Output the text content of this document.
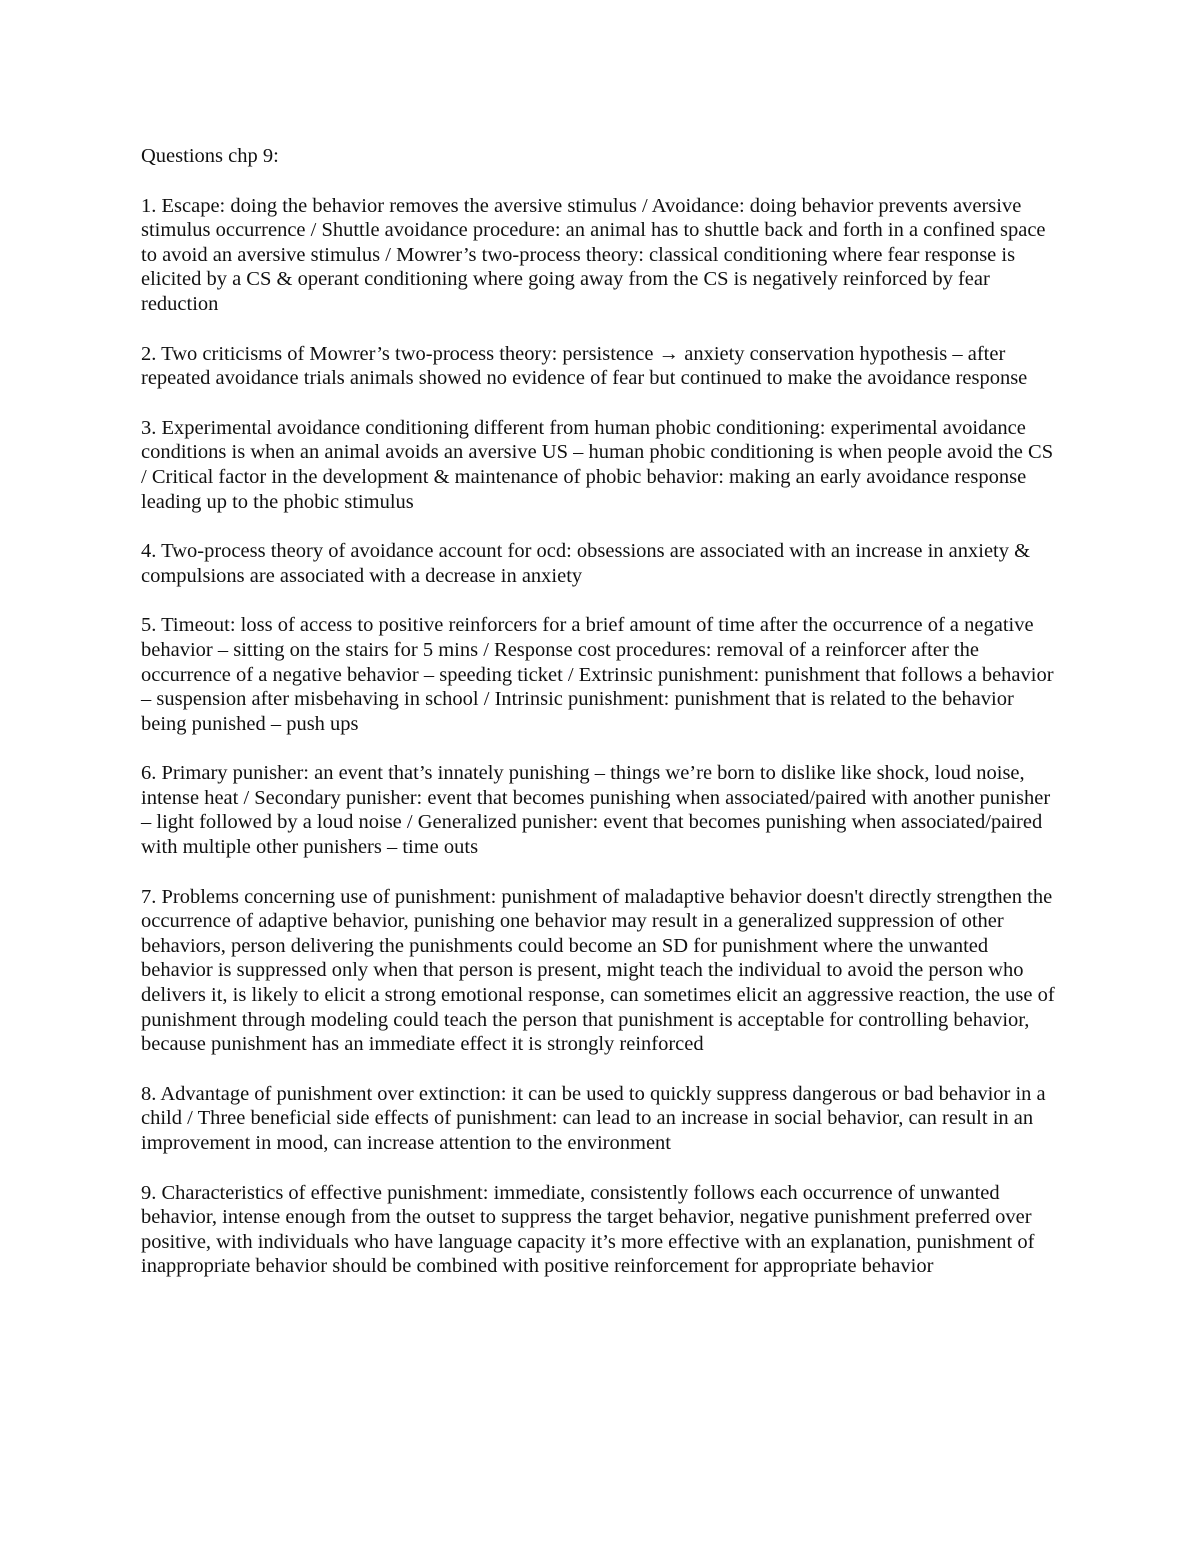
Questions chp 9:

1. Escape: doing the behavior removes the aversive stimulus / Avoidance: doing behavior prevents aversive stimulus occurrence / Shuttle avoidance procedure: an animal has to shuttle back and forth in a confined space to avoid an aversive stimulus / Mowrer’s two-process theory: classical conditioning where fear response is elicited by a CS & operant conditioning where going away from the CS is negatively reinforced by fear reduction

2. Two criticisms of Mowrer’s two-process theory: persistence → anxiety conservation hypothesis – after repeated avoidance trials animals showed no evidence of fear but continued to make the avoidance response

3. Experimental avoidance conditioning different from human phobic conditioning: experimental avoidance conditions is when an animal avoids an aversive US – human phobic conditioning is when people avoid the CS / Critical factor in the development & maintenance of phobic behavior: making an early avoidance response leading up to the phobic stimulus

4. Two-process theory of avoidance account for ocd: obsessions are associated with an increase in anxiety & compulsions are associated with a decrease in anxiety

5. Timeout: loss of access to positive reinforcers for a brief amount of time after the occurrence of a negative behavior – sitting on the stairs for 5 mins / Response cost procedures: removal of a reinforcer after the occurrence of a negative behavior – speeding ticket / Extrinsic punishment: punishment that follows a behavior – suspension after misbehaving in school / Intrinsic punishment: punishment that is related to the behavior being punished – push ups

6. Primary punisher: an event that’s innately punishing – things we’re born to dislike like shock, loud noise, intense heat / Secondary punisher: event that becomes punishing when associated/paired with another punisher – light followed by a loud noise / Generalized punisher: event that becomes punishing when associated/paired with multiple other punishers – time outs

7. Problems concerning use of punishment: punishment of maladaptive behavior doesn't directly strengthen the occurrence of adaptive behavior, punishing one behavior may result in a generalized suppression of other behaviors, person delivering the punishments could become an SD for punishment where the unwanted behavior is suppressed only when that person is present, might teach the individual to avoid the person who delivers it, is likely to elicit a strong emotional response, can sometimes elicit an aggressive reaction, the use of punishment through modeling could teach the person that punishment is acceptable for controlling behavior, because punishment has an immediate effect it is strongly reinforced

8. Advantage of punishment over extinction: it can be used to quickly suppress dangerous or bad behavior in a child / Three beneficial side effects of punishment: can lead to an increase in social behavior, can result in an improvement in mood, can increase attention to the environment

9. Characteristics of effective punishment: immediate, consistently follows each occurrence of unwanted behavior, intense enough from the outset to suppress the target behavior, negative punishment preferred over positive, with individuals who have language capacity it’s more effective with an explanation, punishment of inappropriate behavior should be combined with positive reinforcement for appropriate behavior
